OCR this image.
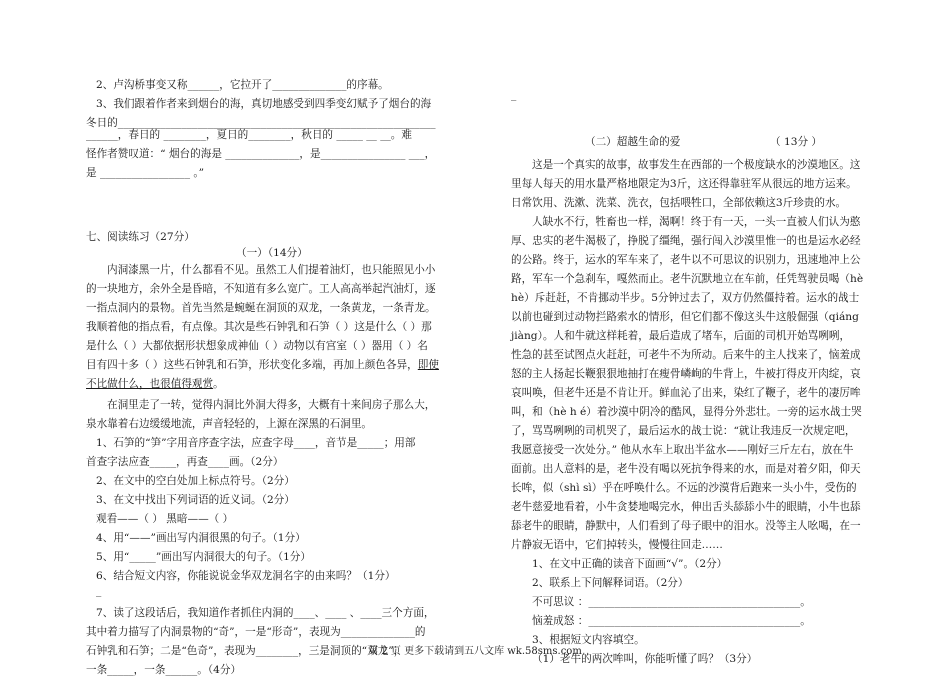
2、卢沟桥事变又称______，它拉开了______________的序幕。
3、我们跟着作者来到烟台的海，真切地感受到四季变幻赋予了烟台的海
冬日的____________________________________________________________
______，春日的 ________，夏日的________，秋日的 _____ __ __。难
怪作者赞叹道：“ 烟台的海是 ______________，是________________ ___，
是 _________________ 。”
七、阅读练习（27分）
（一）（14分）
内洞漆黑一片，什么都看不见。虽然工人们提着油灯，也只能照见小小
的一块地方，余外全是昏暗，不知道有多么宽广。工人高高举起汽油灯，逐
一指点洞内的景物。首先当然是蜿蜒在洞顶的双龙，一条黄龙，一条青龙。
我顺着他的指点看，有点像。其次是些石钟乳和石笋（ ）这是什么（ ）那
是什么（ ）大都依据形状想象成神仙（ ）动物以有宫室（ ）器用（ ）名
目有四十多（ ）这些石钟乳和石笋，形状变化多端，再加上颜色各异，即使
不比做什么，也很值得观赏。
在洞里走了一转，觉得内洞比外洞大得多，大概有十来间房子那么大，
泉水靠着右边缓缓地流，声音轻轻的，上源在深黑的石洞里。
1、石笋的“笋”字用音序查字法，应查字母____，音节是_____；用部
首查字法应查_____，再查____画。（2分）
2、在文中的空白处加上标点符号。（2分）
3、在文中找出下列词语的近义词。（2分）
观看——（ ） 黑暗——（ ）
4、用“——”画出写内洞很黑的句子。（1分）
5、用“_____”画出写内洞很大的句子。（1分）
6、结合短文内容，你能说说金华双龙洞名字的由来吗？（1分）
_
7、读了这段话后，我知道作者抓住内洞的____、____ 、____三个方面，
其中着力描写了内洞景物的“奇”，一是“形奇”，表现为______________的
石钟乳和石笋；二是“色奇”，表现为________，三是洞顶的“双龙”，
一条_____，一条______。（4分）
_
（二）超越生命的爱	（ 13分 ）
这是一个真实的故事，故事发生在西部的一个极度缺水的沙漠地区。这
里每人每天的用水量严格地限定为3斤，这还得靠驻军从很远的地方运来。
日常饮用、洗漱、洗菜、洗衣，包括喂牲口，全部依赖这3斤珍贵的水。
人缺水不行，牲畜也一样，渴啊！终于有一天，一头一直被人们认为憨
厚、忠实的老牛渴极了，挣脱了缰绳，强行闯入沙漠里惟一的也是运水必经
的公路。终于，运水的军车来了，老牛以不可思议的识别力，迅速地冲上公
路，军车一个急刹车，嘎然而止。老牛沉默地立在车前，任凭驾驶员喝（hè
hè）斥赶赶，不肯挪动半步。5分钟过去了，双方仍然僵持着。运水的战士
以前也碰到过动物拦路索水的情形，但它们都不像这头牛这般倔强（qiáng
jiàng）。人和牛就这样耗着，最后造成了堵车，后面的司机开始骂咧咧，
性急的甚至试图点火赶赶，可老牛不为所动。后来牛的主人找来了，恼羞成
怒的主人扬起长鞭狠狠地抽打在瘦骨嶙峋的牛背上，牛被打得皮开肉绽，哀
哀叫唤，但老牛还是不肯让开。鲜血沁了出来，染红了鞭子，老牛的凄厉哞
叫，和（hè h é）着沙漠中阴冷的酷风，显得分外悲壮。一旁的运水战士哭
了，骂骂咧咧的司机哭了，最后运水的战士说：“就让我违反一次规定吧，
我愿意接受一次处分。” 他从水车上取出半盆水——刚好三斤左右，放在牛
面前。出人意料的是，老牛没有喝以死抗争得来的水，而是对着夕阳，仰天
长哞，似（shì sì）乎在呼唤什么。不远的沙漠背后跑来一头小牛，受伤的
老牛慈爱地看着，小牛贪婪地喝完水，伸出舌头舔舔小牛的眼睛，小牛也舔
舔老牛的眼睛，静默中，人们看到了母子眼中的泪水。没等主人吆喝，在一
片静寂无语中，它们掉转头，慢慢往回走……
1、在文中正确的读音下面画“√”。（2分）
2、联系上下问解释词语。（2分）
不可思议 ：________________________________________。
恼羞成怒 ：________________________________________。
3、根据短文内容填空。
（1）老牛的两次哞叫，你能听懂了吗？（3分）
第 2 页 更多下载请到五八文库 wk.58sms.com
